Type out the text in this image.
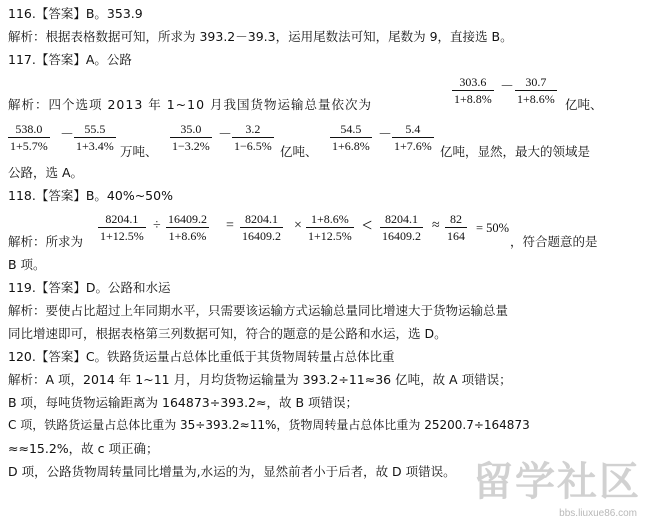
116.【答案】B。353.9
解析：根据表格数据可知，所求为 393.2－39.3，运用尾数法可知，尾数为 9，直接选 B。
117.【答案】A。公路
解析：四个选项 2013 年 1~10 月我国货物运输总量依次为	$\frac{303.6}{1+8.8\%} - \frac{30.7}{1+8.6\%}$ 亿吨、
$\frac{538.0}{1+5.7\%} - \frac{55.5}{1+3.4\%}$ 万吨、 $\frac{35.0}{1-3.2\%} - \frac{3.2}{1-6.5\%}$ 亿吨、 $\frac{54.5}{1+6.8\%} - \frac{5.4}{1+7.6\%}$ 亿吨，显然，最大的领域是
公路，选 A。
118.【答案】B。40%~50%
解析：所求为 $\frac{8204.1}{1+12.5\%} \div \frac{16409.2}{1+8.6\%} = \frac{8204.1}{16409.2} \times \frac{1+8.6\%}{1+12.5\%} < \frac{8204.1}{16409.2} \approx \frac{82}{164} = 50\%$
，符合题意的是
B 项。
119.【答案】D。公路和水运
解析：要使占比超过上年同期水平，只需要该运输方式运输总量同比增速大于货物运输总量
同比增速即可，根据表格第三列数据可知，符合的题意的是公路和水运，选 D。
120.【答案】C。铁路货运量占总体比重低于其货物周转量占总体比重
解析：A 项，2014 年 1~11 月，月均货物运输量为 393.2÷11≈36 亿吨，故 A 项错误；
B 项，每吨货物运输距离为 164873÷393.2≈，故 B 项错误；
C 项，铁路货运量占总体比重为 35÷393.2≈11%，货物周转量占总体比重为 25200.7÷164873
≈≈15.2%，故 c 项正确；
D 项，公路货物周转量同比增量为,水运的为，显然前者小于后者，故 D 项错误。 留学社区
bbs.liuxue86.com
